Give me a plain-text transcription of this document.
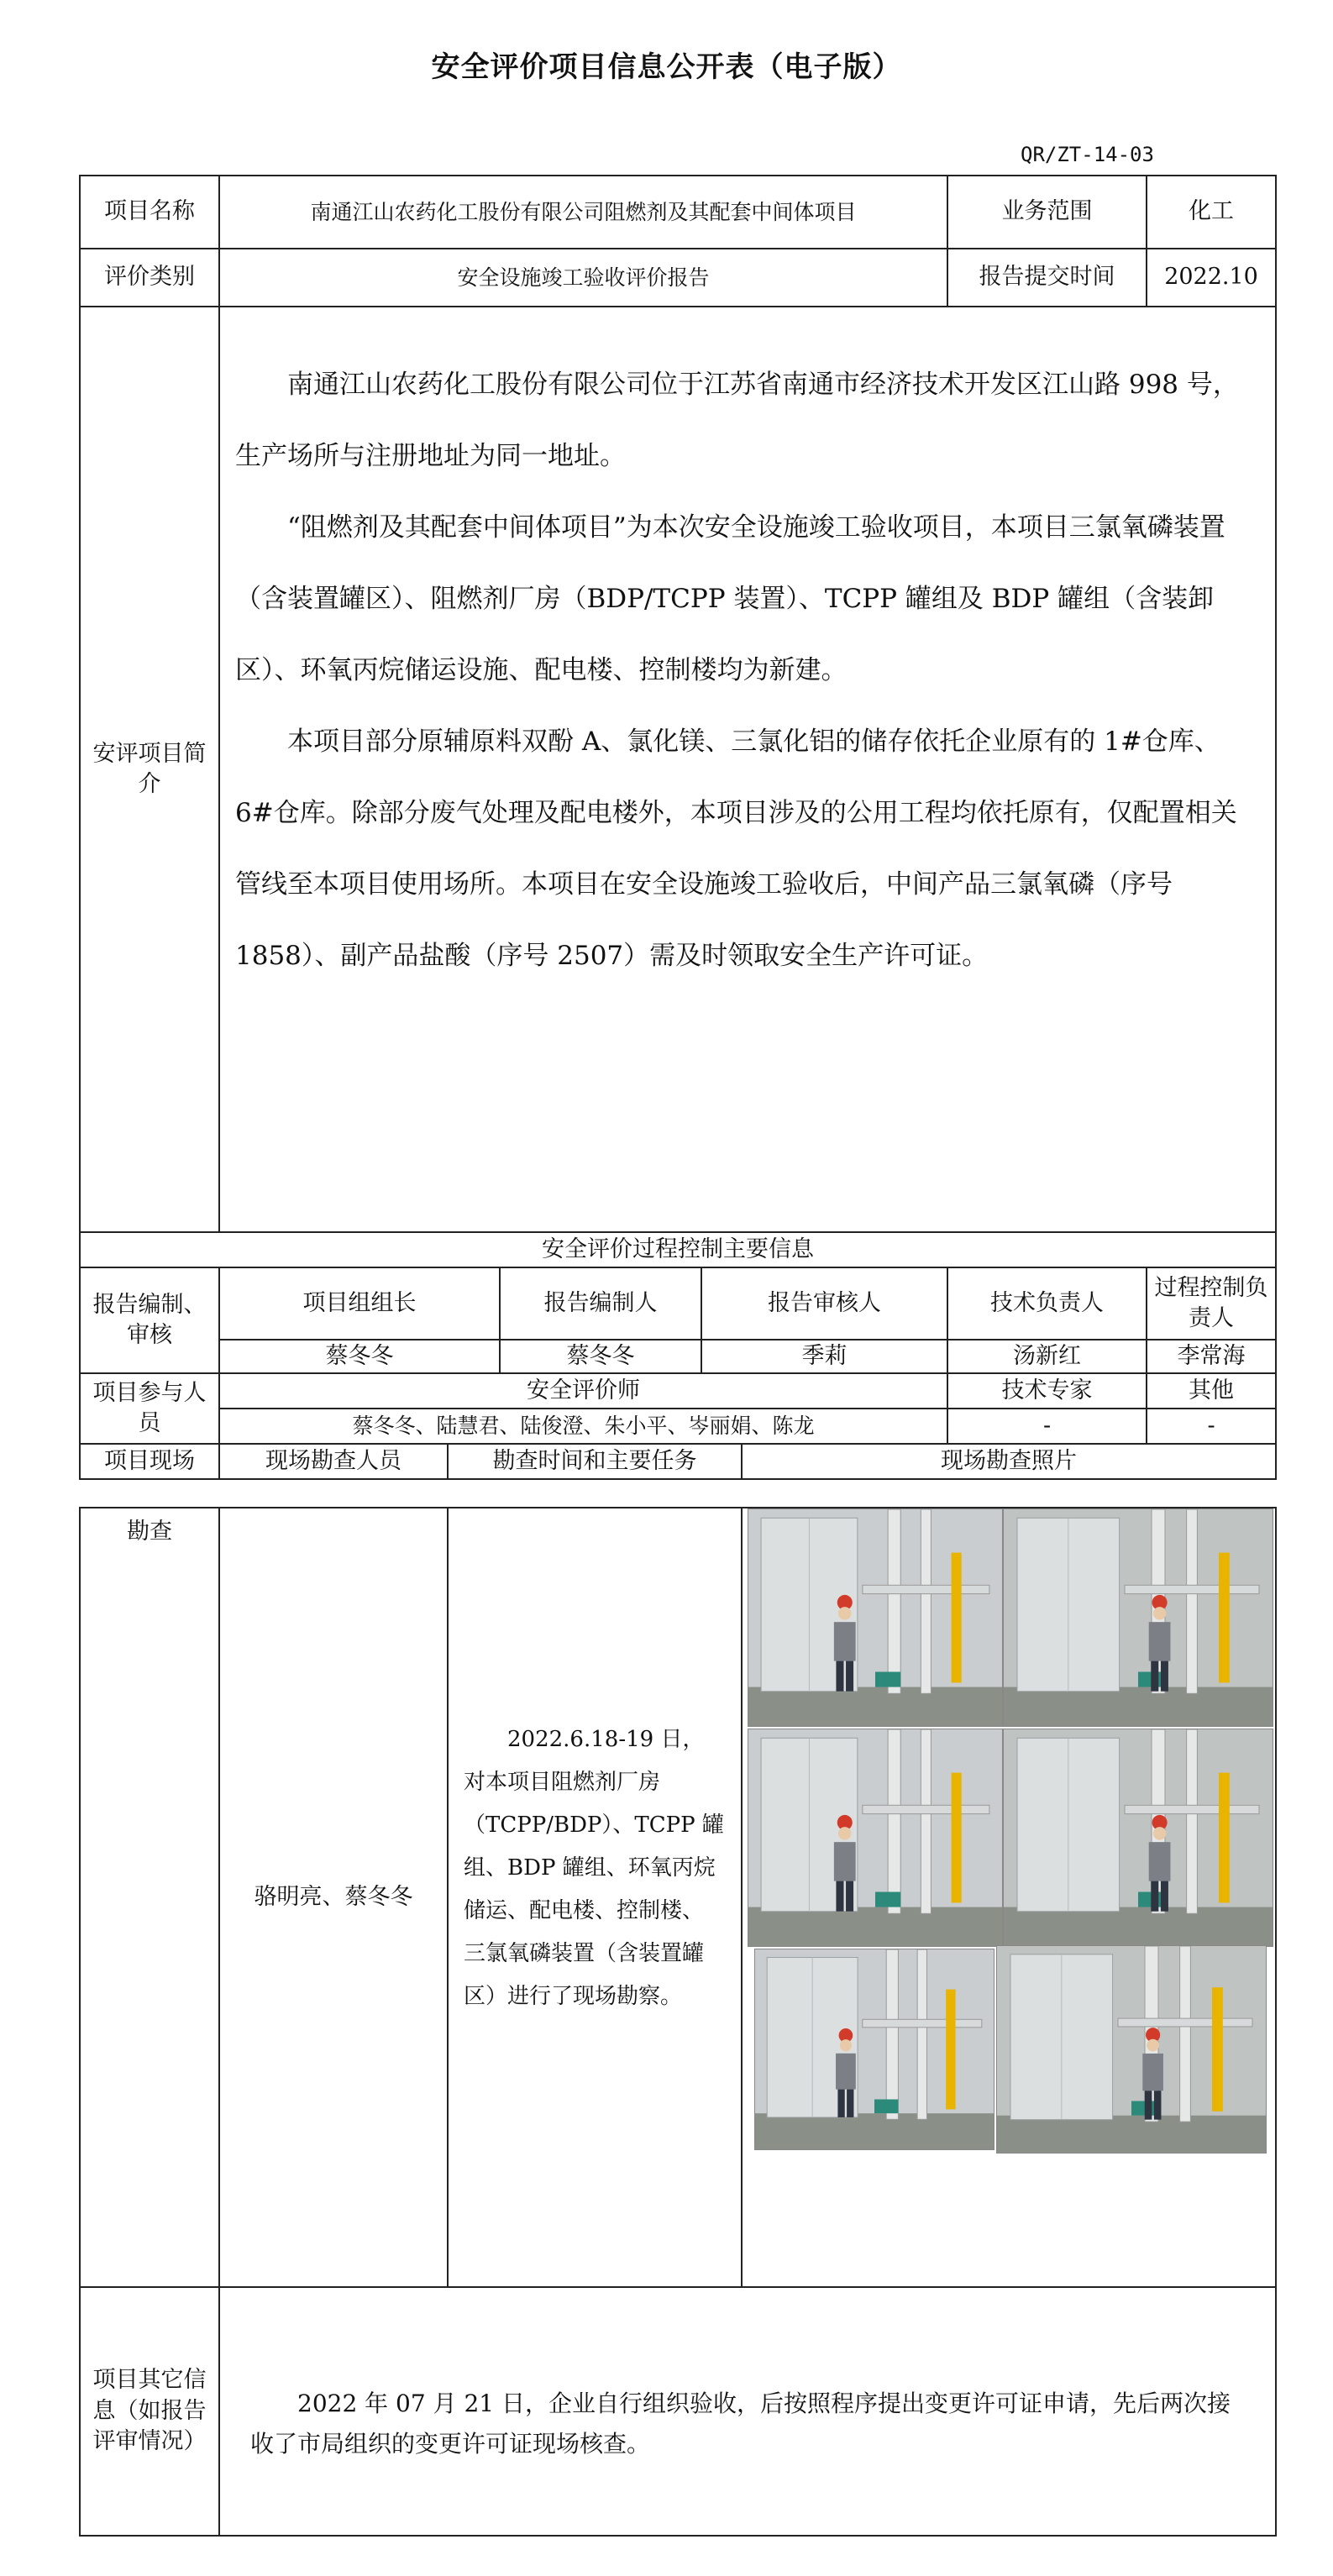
安全评价项目信息公开表（电子版）
QR/ZT-14-03
项目名称	南通江山农药化工股份有限公司阻燃剂及其配套中间体项目			业务范围	化工
评价类别	安全设施竣工验收评价报告			报告提交时间	2022.10
安评项目简介	南通江山农药化工股份有限公司位于江苏省南通市经济技术开发区江山路 998 号，生产场所与注册地址为同一地址。

“阻燃剂及其配套中间体项目”为本次安全设施竣工验收项目，本项目三氯氧磷装置（含装置罐区）、阻燃剂厂房（BDP/TCPP 装置）、TCPP 罐组及 BDP 罐组（含装卸区）、环氧丙烷储运设施、配电楼、控制楼均为新建。

本项目部分原辅原料双酚 A、氯化镁、三氯化铝的储存依托企业原有的 1#仓库、6#仓库。除部分废气处理及配电楼外，本项目涉及的公用工程均依托原有，仅配置相关管线至本项目使用场所。本项目在安全设施竣工验收后，中间产品三氯氧磷（序号 1858）、副产品盐酸（序号 2507）需及时领取安全生产许可证。				

安全评价过程控制主要信息					
报告编制、审核	项目组组长	报告编制人	报告审核人	技术负责人	过程控制负责人
	蔡冬冬	蔡冬冬	季莉	汤新红	李常海
项目参与人员	安全评价师			技术专家	其他
	蔡冬冬、陆慧君、陆俊澄、朱小平、岑丽娟、陈龙			-	-
项目现场	现场勘查人员	勘查时间和主要任务	现场勘查照片
勘查	骆明亮、蔡冬冬	2022.6.18-19 日，对本项目阻燃剂厂房（TCPP/BDP）、TCPP 罐组、BDP 罐组、环氧丙烷储运、配电楼、控制楼、三氯氧磷装置（含装置罐区）进行了现场勘察。	

项目其它信息（如报告评审情况）	2022 年 07 月 21 日，企业自行组织验收，后按照程序提出变更许可证申请，先后两次接收了市局组织的变更许可证现场核查。		
